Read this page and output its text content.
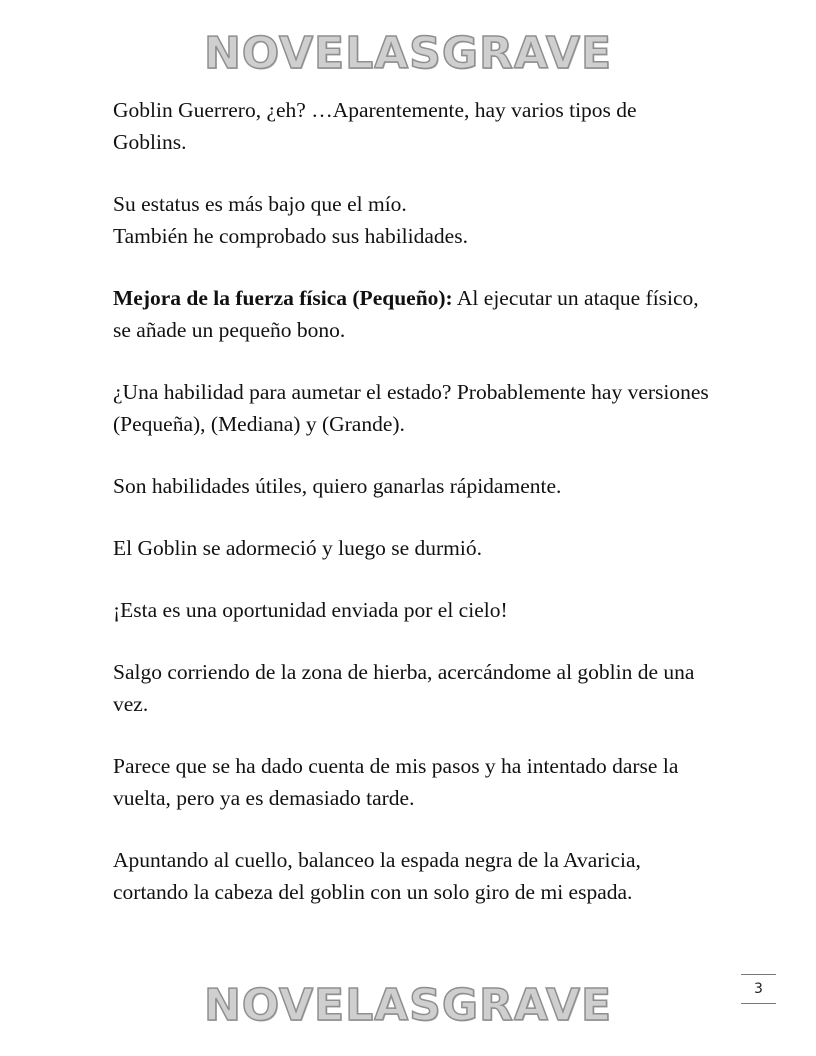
NOVELASGRAVE

Goblin Guerrero, ¿eh? …Aparentemente, hay varios tipos de Goblins.

Su estatus es más bajo que el mío.
También he comprobado sus habilidades.

Mejora de la fuerza física (Pequeño): Al ejecutar un ataque físico, se añade un pequeño bono.

¿Una habilidad para aumetar el estado? Probablemente hay versiones (Pequeña), (Mediana) y (Grande).

Son habilidades útiles, quiero ganarlas rápidamente.

El Goblin se adormeció y luego se durmió.

¡Esta es una oportunidad enviada por el cielo!

Salgo corriendo de la zona de hierba, acercándome al goblin de una vez.

Parece que se ha dado cuenta de mis pasos y ha intentado darse la vuelta, pero ya es demasiado tarde.

Apuntando al cuello, balanceo la espada negra de la Avaricia, cortando la cabeza del goblin con un solo giro de mi espada.

3
NOVELASGRAVE
